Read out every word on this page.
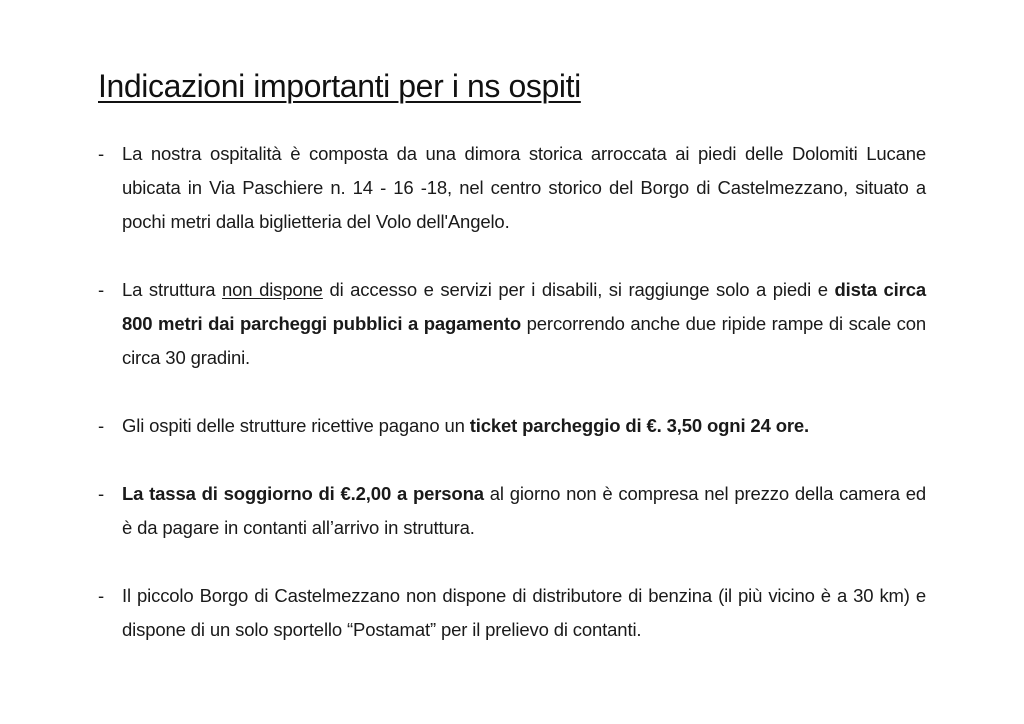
Indicazioni importanti per i ns ospiti
- La nostra ospitalità è composta da una dimora storica arroccata ai piedi delle Dolomiti Lucane ubicata in Via Paschiere n. 14 - 16 -18, nel centro storico del Borgo di Castelmezzano, situato a pochi metri dalla biglietteria del Volo dell'Angelo.
- La struttura non dispone di accesso e servizi per i disabili, si raggiunge solo a piedi e dista circa 800 metri dai parcheggi pubblici a pagamento percorrendo anche due ripide rampe di scale con circa 30 gradini.
- Gli ospiti delle strutture ricettive pagano un ticket parcheggio di €. 3,50 ogni 24 ore.
- La tassa di soggiorno di €.2,00 a persona al giorno non è compresa nel prezzo della camera ed è da pagare in contanti all’arrivo in struttura.
- Il piccolo Borgo di Castelmezzano non dispone di distributore di benzina (il più vicino è a 30 km) e dispone di un solo sportello “Postamat” per il prelievo di contanti.
